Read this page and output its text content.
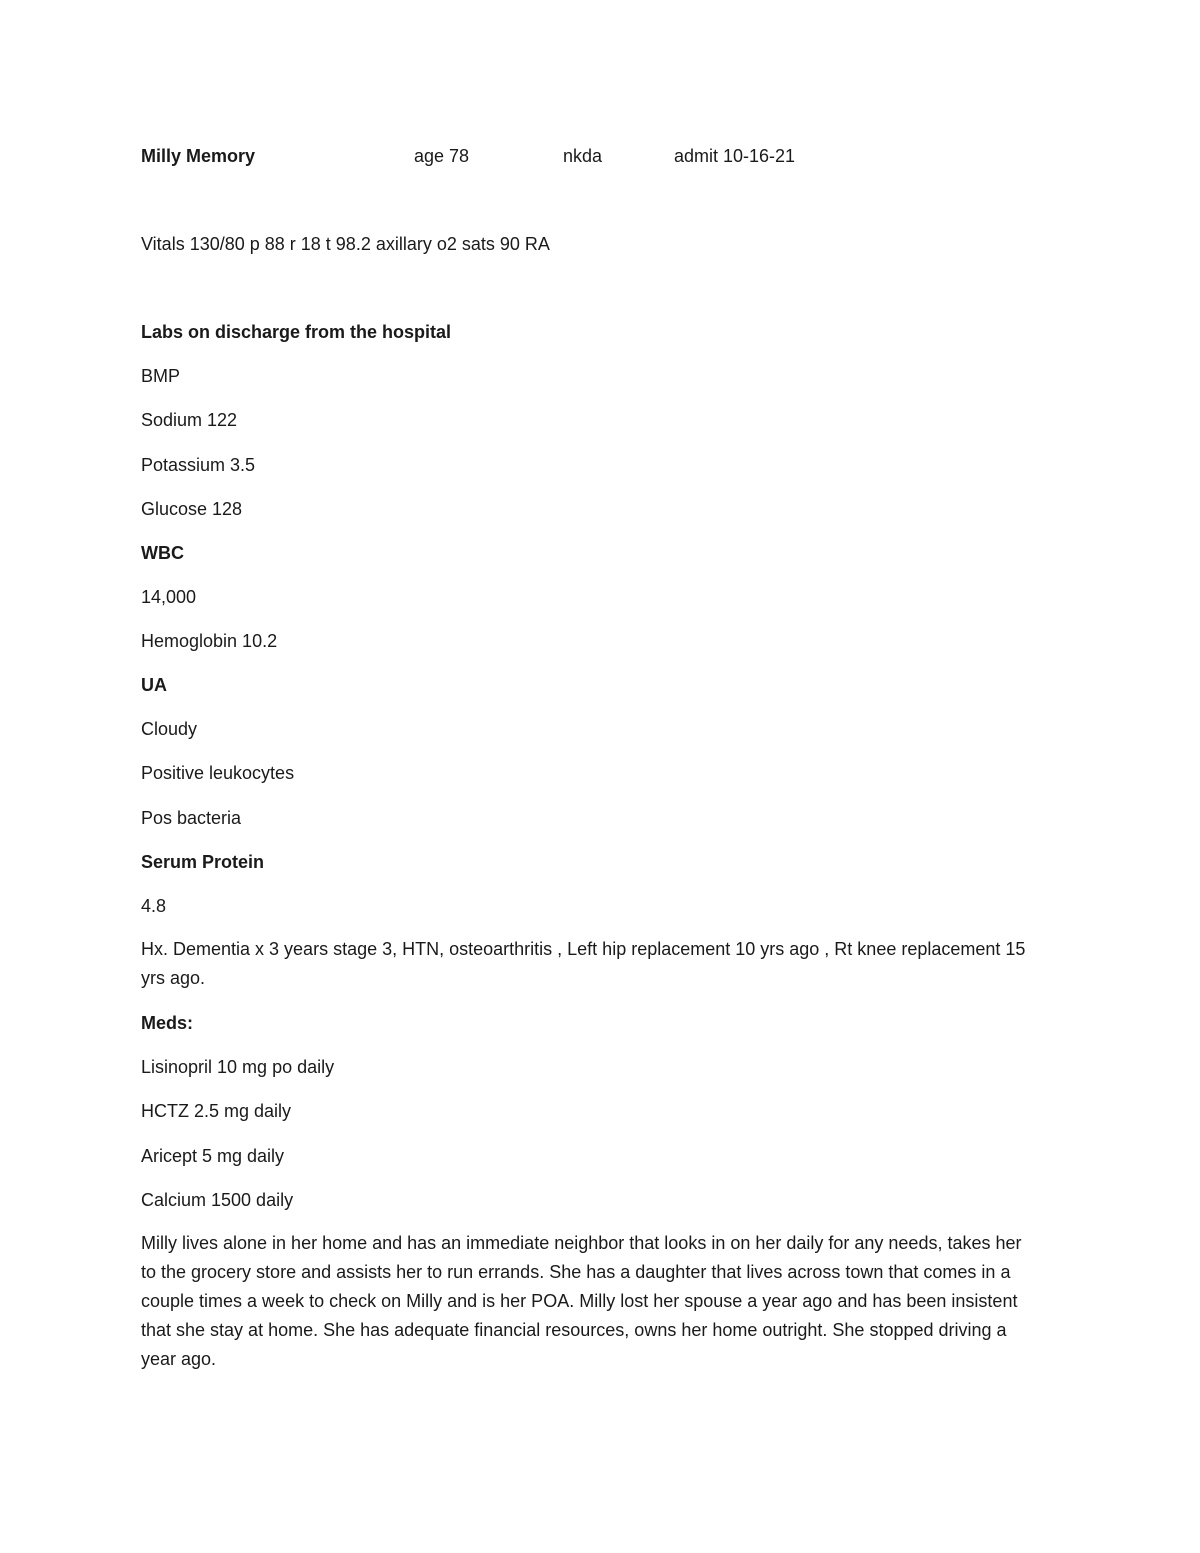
Milly Memory	age 78	nkda	admit 10-16-21
Vitals 130/80 p 88 r 18 t 98.2 axillary o2 sats 90 RA
Labs on discharge from the hospital
BMP
Sodium 122
Potassium 3.5
Glucose 128
WBC
14,000
Hemoglobin 10.2
UA
Cloudy
Positive leukocytes
Pos bacteria
Serum Protein
4.8
Hx. Dementia x 3 years stage 3, HTN, osteoarthritis , Left hip replacement 10 yrs ago , Rt knee replacement 15 yrs ago.
Meds:
Lisinopril 10 mg po daily
HCTZ 2.5 mg daily
Aricept 5 mg daily
Calcium 1500 daily
Milly lives alone in her home and has an immediate neighbor that looks in on her daily for any needs, takes her to the grocery store and assists her to run errands. She has a daughter that lives across town that comes in a couple times a week to check on Milly and is her POA. Milly lost her spouse a year ago and has been insistent that she stay at home. She has adequate financial resources, owns her home outright. She stopped driving a year ago.
